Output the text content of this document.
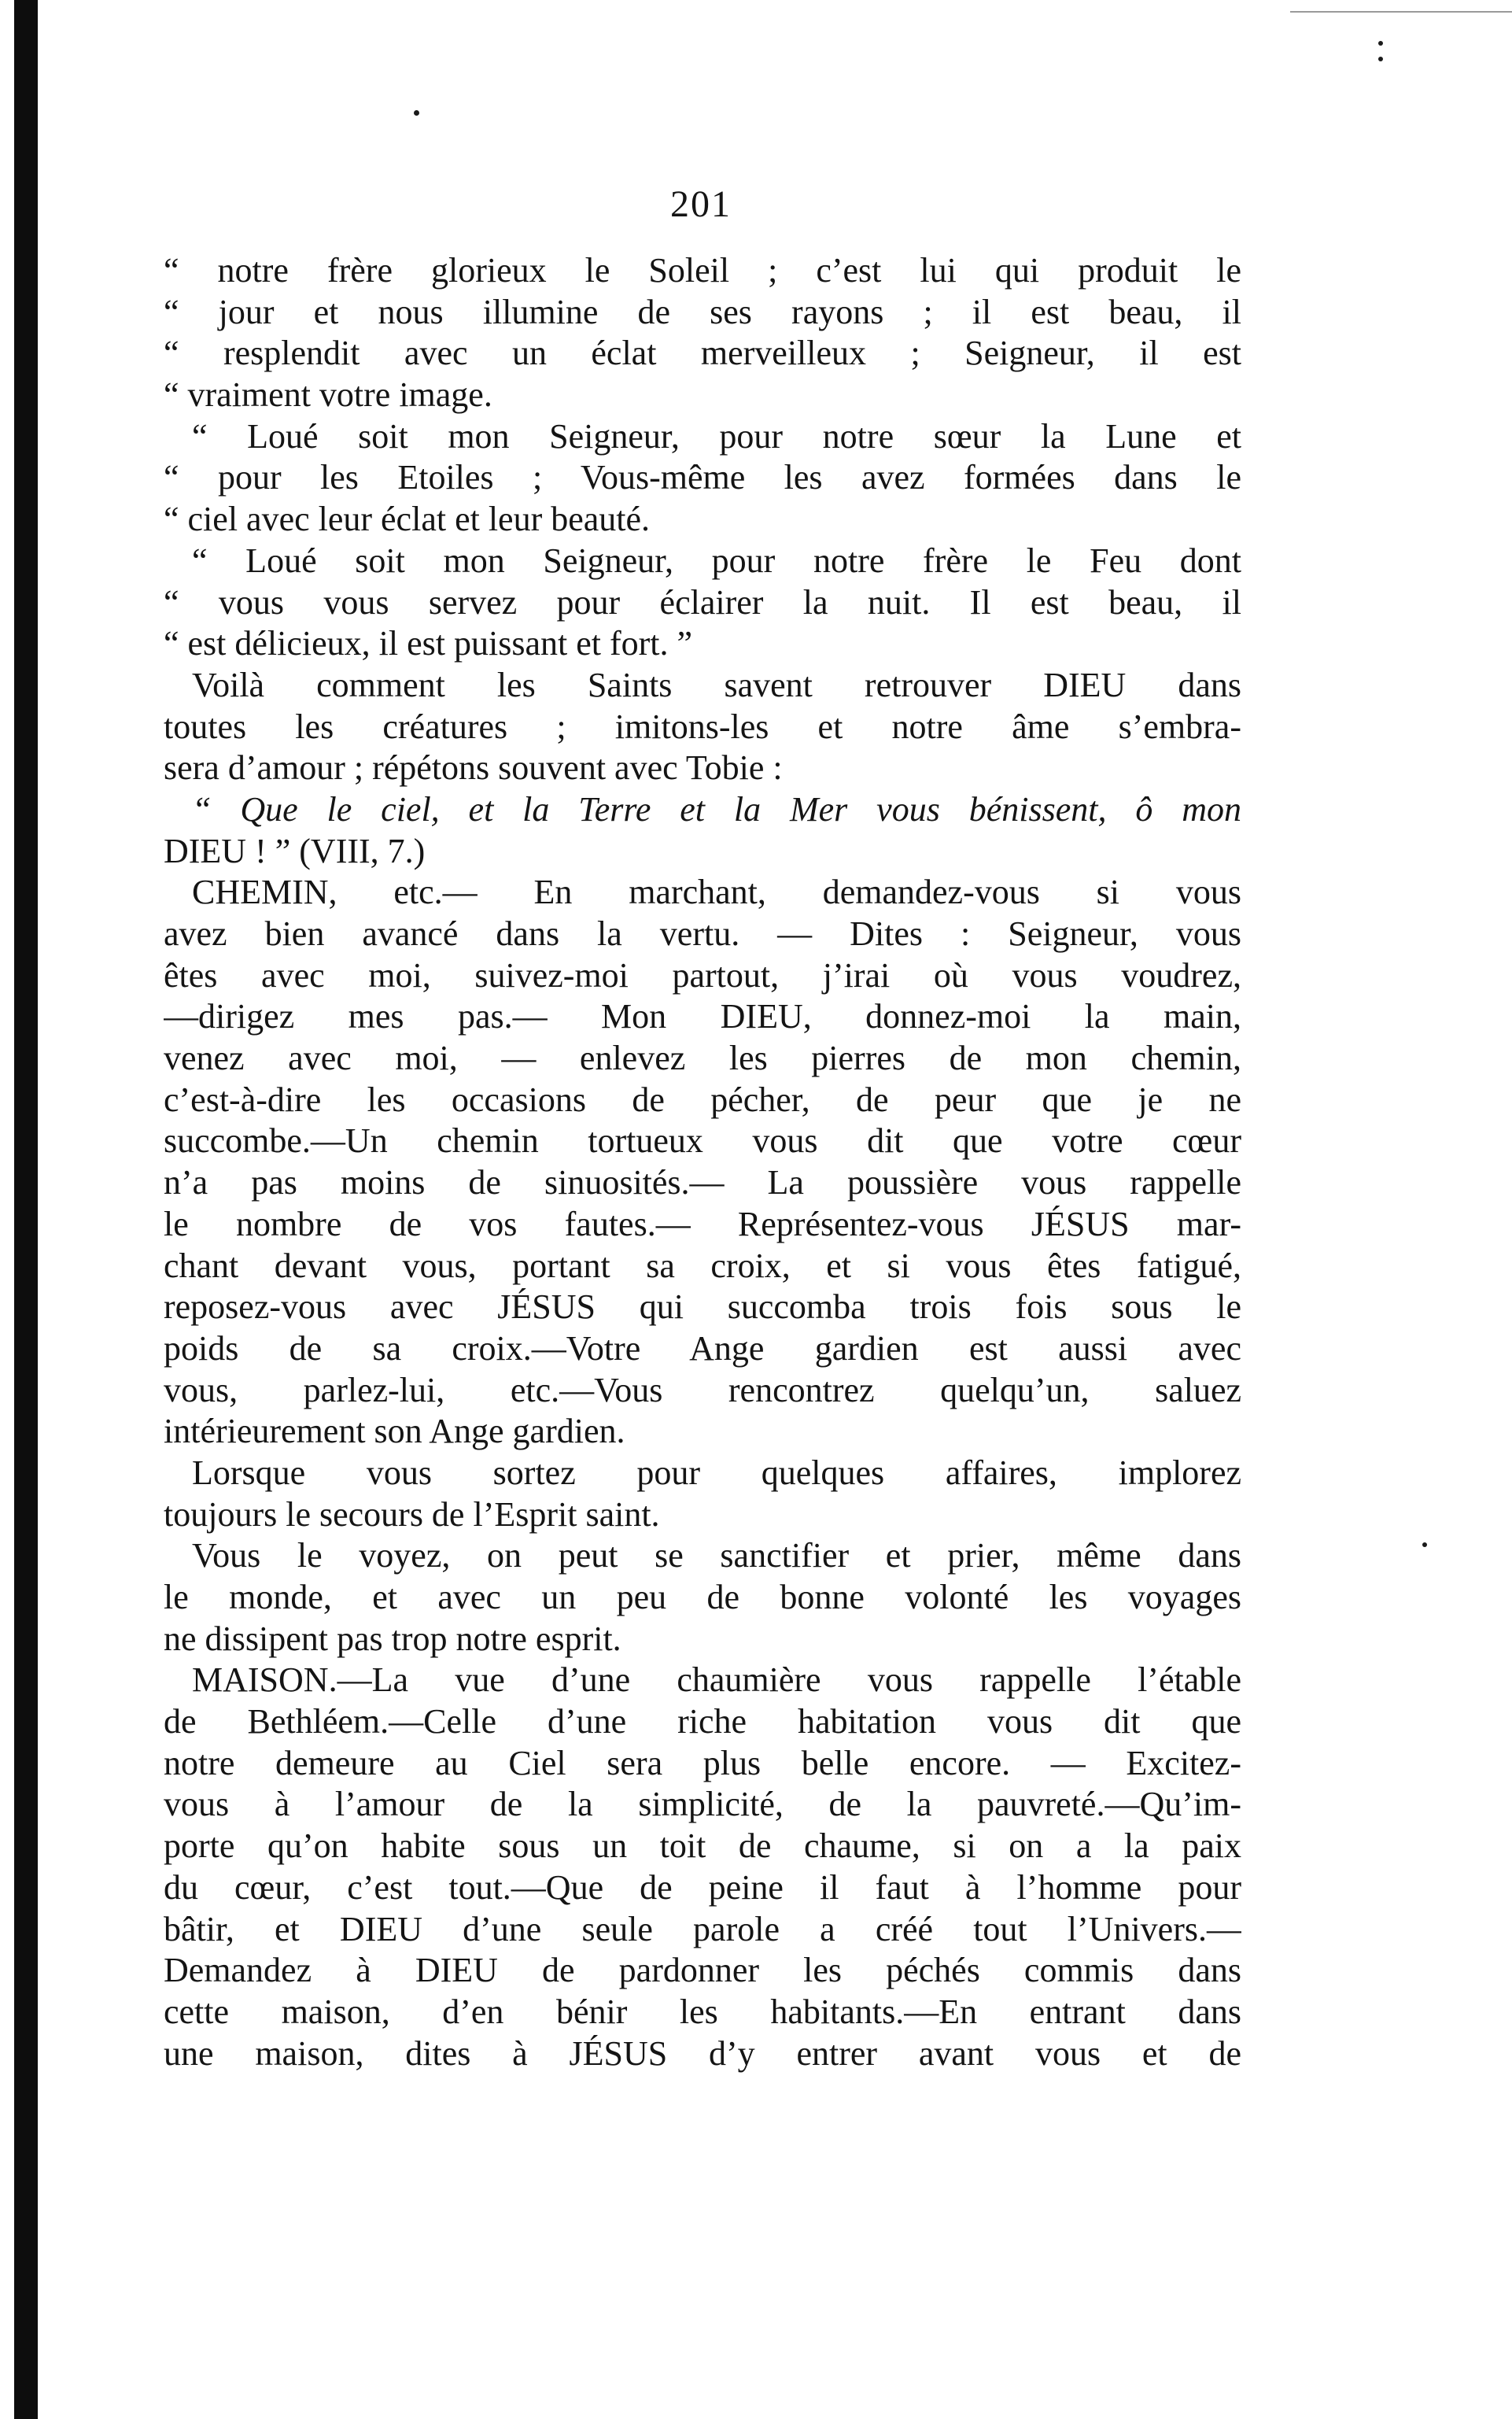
201
“ notre frère glorieux le Soleil ; c’est lui qui produit le
“ jour et nous illumine de ses rayons ; il est beau, il
“ resplendit avec un éclat merveilleux ; Seigneur, il est
“ vraiment votre image.
“ Loué soit mon Seigneur, pour notre sœur la Lune et
“ pour les Etoiles ; Vous-même les avez formées dans le
“ ciel avec leur éclat et leur beauté.
“ Loué soit mon Seigneur, pour notre frère le Feu dont
“ vous vous servez pour éclairer la nuit. Il est beau, il
“ est délicieux, il est puissant et fort. ”
Voilà comment les Saints savent retrouver DIEU dans
toutes les créatures ; imitons-les et notre âme s’embra-
sera d’amour ; répétons souvent avec Tobie :
“ Que le ciel, et la Terre et la Mer vous bénissent, ô mon
DIEU ! ” (VIII, 7.)
CHEMIN, etc.— En marchant, demandez-vous si vous
avez bien avancé dans la vertu. — Dites : Seigneur, vous
êtes avec moi, suivez-moi partout, j’irai où vous voudrez,
—dirigez mes pas.— Mon DIEU, donnez-moi la main,
venez avec moi, — enlevez les pierres de mon chemin,
c’est-à-dire les occasions de pécher, de peur que je ne
succombe.—Un chemin tortueux vous dit que votre cœur
n’a pas moins de sinuosités.— La poussière vous rappelle
le nombre de vos fautes.— Représentez-vous JÉSUS mar-
chant devant vous, portant sa croix, et si vous êtes fatigué,
reposez-vous avec JÉSUS qui succomba trois fois sous le
poids de sa croix.—Votre Ange gardien est aussi avec
vous, parlez-lui, etc.—Vous rencontrez quelqu’un, saluez
intérieurement son Ange gardien.
Lorsque vous sortez pour quelques affaires, implorez
toujours le secours de l’Esprit saint.
Vous le voyez, on peut se sanctifier et prier, même dans
le monde, et avec un peu de bonne volonté les voyages
ne dissipent pas trop notre esprit.
MAISON.—La vue d’une chaumière vous rappelle l’étable
de Bethléem.—Celle d’une riche habitation vous dit que
notre demeure au Ciel sera plus belle encore. — Excitez-
vous à l’amour de la simplicité, de la pauvreté.—Qu’im-
porte qu’on habite sous un toit de chaume, si on a la paix
du cœur, c’est tout.—Que de peine il faut à l’homme pour
bâtir, et DIEU d’une seule parole a créé tout l’Univers.—
Demandez à DIEU de pardonner les péchés commis dans
cette maison, d’en bénir les habitants.—En entrant dans
une maison, dites à JÉSUS d’y entrer avant vous et de
